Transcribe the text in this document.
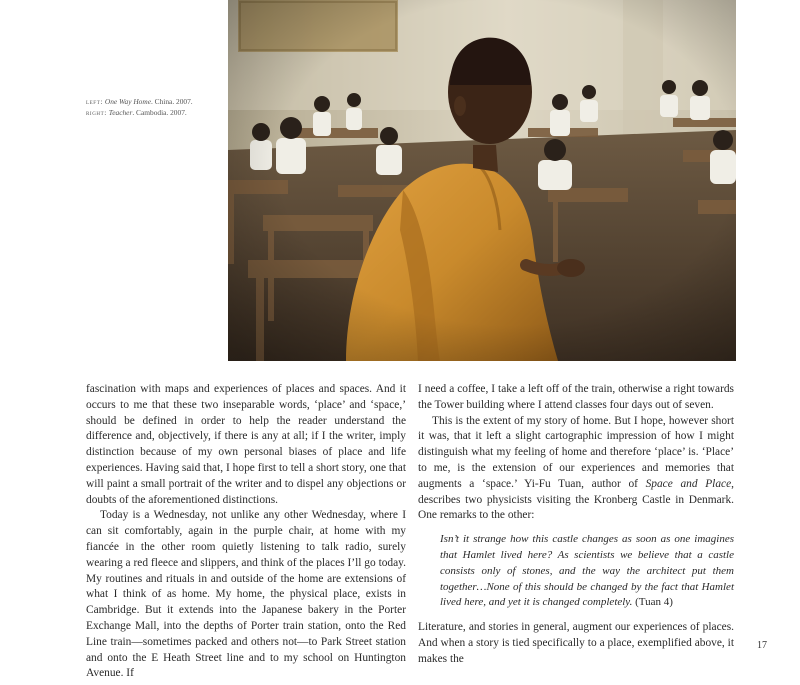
left: One Way Home. China. 2007.
right: Teacher. Cambodia. 2007.

fascination with maps and experiences of places and spaces. And it occurs to me that these two inseparable words, ‘place’ and ‘space,’ should be defined in order to help the reader understand the difference and, objectively, if there is any at all; if I the writer, imply distinction because of my own personal biases of place and life experiences. Having said that, I hope first to tell a short story, one that will paint a small portrait of the writer and to dispel any objections or doubts of the aforementioned distinctions.

Today is a Wednesday, not unlike any other Wednesday, where I can sit comfortably, again in the purple chair, at home with my fiancée in the other room quietly listening to talk radio, surely wearing a red fleece and slippers, and think of the places I’ll go today. My routines and rituals in and outside of the home are extensions of what I think of as home. My home, the physical place, exists in Cambridge. But it extends into the Japanese bakery in the Porter Exchange Mall, into the depths of Porter train station, onto the Red Line train—sometimes packed and others not—to Park Street station and onto the E Heath Street line and to my school on Huntington Avenue. If

I need a coffee, I take a left off of the train, otherwise a right towards the Tower building where I attend classes four days out of seven.

This is the extent of my story of home. But I hope, however short it was, that it left a slight cartographic impression of how I might distinguish what my feeling of home and therefore ‘place’ is. ‘Place’ to me, is the extension of our experiences and memories that augments a ‘space.’ Yi-Fu Tuan, author of Space and Place, describes two physicists visiting the Kronberg Castle in Denmark. One remarks to the other:

Isn’t it strange how this castle changes as soon as one imagines that Hamlet lived here? As scientists we believe that a castle consists only of stones, and the way the architect put them together…None of this should be changed by the fact that Hamlet lived here, and yet it is changed completely. (Tuan 4)

Literature, and stories in general, augment our experiences of places. And when a story is tied specifically to a place, exemplified above, it makes the

17
